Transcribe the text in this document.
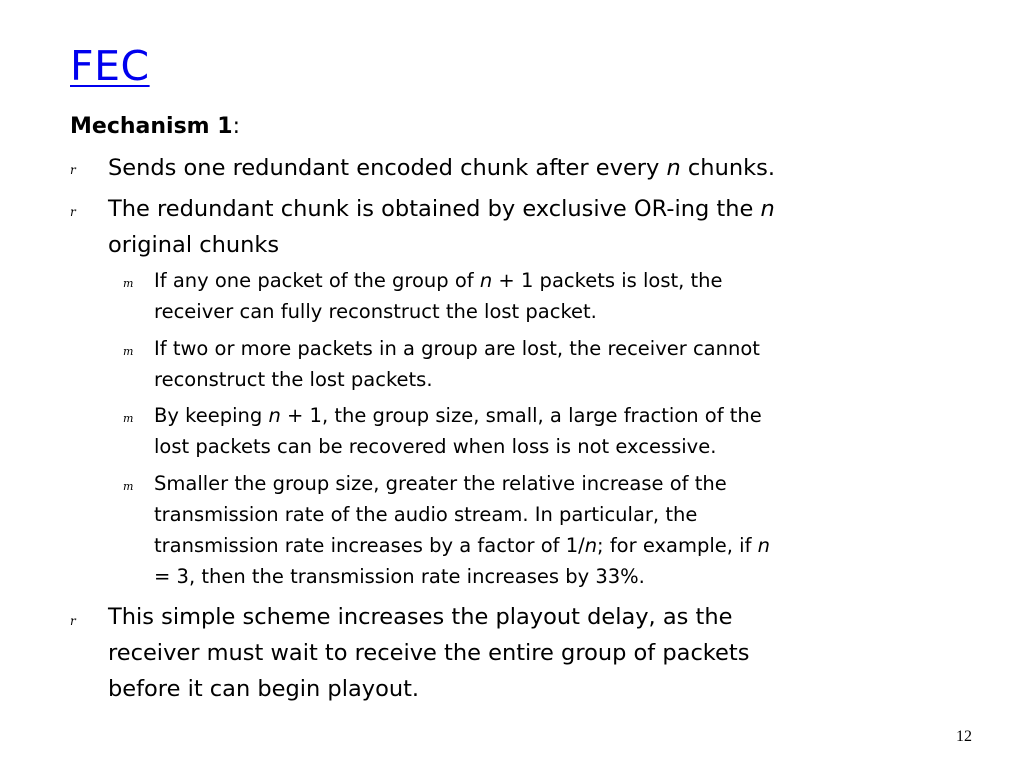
FEC
Mechanism 1:
r Sends one redundant encoded chunk after every n chunks.
r The redundant chunk is obtained by exclusive OR-ing the n
original chunks
m If any one packet of the group of n + 1 packets is lost, the
receiver can fully reconstruct the lost packet.
m If two or more packets in a group are lost, the receiver cannot
reconstruct the lost packets.
m By keeping n + 1, the group size, small, a large fraction of the
lost packets can be recovered when loss is not excessive.
m Smaller the group size, greater the relative increase of the
transmission rate of the audio stream. In particular, the
transmission rate increases by a factor of 1/n; for example, if n
= 3, then the transmission rate increases by 33%.
r This simple scheme increases the playout delay, as the
receiver must wait to receive the entire group of packets
before it can begin playout.
12
